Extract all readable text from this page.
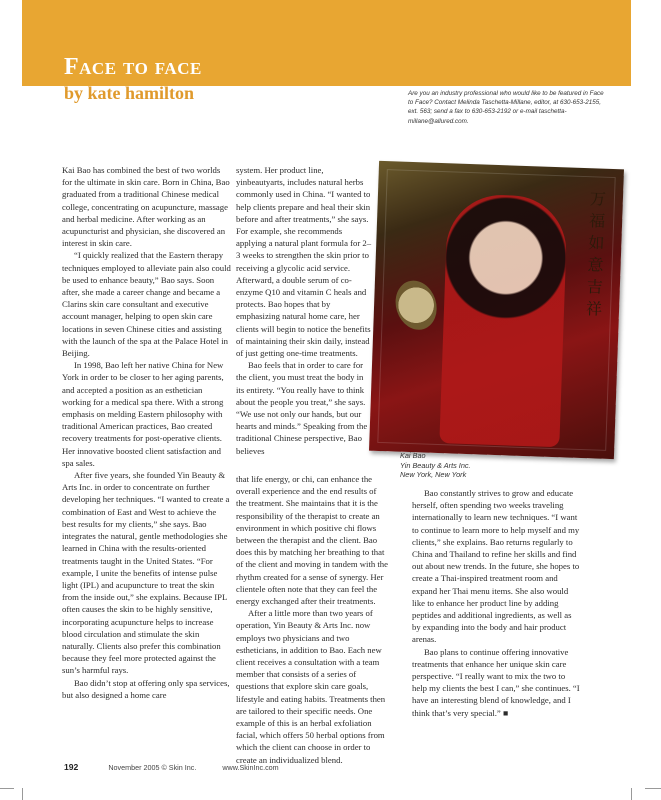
Face to face
by kate hamilton	Are you an industry professional who would like to be featured in Face to Face? Contact Melinda Taschetta-Millane, editor, at 630-653-2155, ext. 563; send a fax to 630-653-2192 or e-mail taschetta-millane@allured.com.

Kai Bao has combined the best of two worlds for the ultimate in skin care. Born in China, Bao graduated from a traditional Chinese medical college, concentrating on acupuncture, massage and herbal medicine. After working as an acupuncturist and physician, she discovered an interest in skin care.

“I quickly realized that the Eastern therapy techniques employed to alleviate pain also could be used to enhance beauty,” Bao says. Soon after, she made a career change and became a Clarins skin care consultant and executive account manager, helping to open skin care locations in seven Chinese cities and assisting with the launch of the spa at the Palace Hotel in Beijing.

In 1998, Bao left her native China for New York in order to be closer to her aging parents, and accepted a position as an esthetician working for a medical spa there. With a strong emphasis on melding Eastern philosophy with traditional American practices, Bao created recovery treatments for post-operative clients. Her innovative boosted client satisfaction and spa sales.

After five years, she founded Yin Beauty & Arts Inc. in order to concentrate on further developing her techniques. “I wanted to create a combination of East and West to achieve the best results for my clients,” she says. Bao integrates the natural, gentle methodologies she learned in China with the results-oriented treatments taught in the United States. “For example, I unite the benefits of intense pulse light (IPL) and acupuncture to treat the skin from the inside out,” she explains. Because IPL often causes the skin to be highly sensitive, incorporating acupuncture helps to increase blood circulation and stimulate the skin naturally. Clients also prefer this combination because they feel more protected against the sun’s harmful rays.

Bao didn’t stop at offering only spa services, but also designed a home care

system. Her product line, yinbeautyarts, includes natural herbs commonly used in China. “I wanted to help clients prepare and heal their skin before and after treatments,” she says. For example, she recommends applying a natural plant formula for 2–3 weeks to strengthen the skin prior to receiving a glycolic acid service. Afterward, a double serum of co-enzyme Q10 and vitamin C heals and protects. Bao hopes that by emphasizing natural home care, her clients will begin to notice the benefits of maintaining their skin daily, instead of just getting one-time treatments.

Bao feels that in order to care for the client, you must treat the body in its entirety. “You really have to think about the people you treat,” she says. “We use not only our hands, but our hearts and minds.” Speaking from the traditional Chinese perspective, Bao believes

万福如意吉祥

Kai Bao
Yin Beauty & Arts Inc.
New York, New York

that life energy, or chi, can enhance the overall experience and the end results of the treatment. She maintains that it is the responsibility of the therapist to create an environment in which positive chi flows between the therapist and the client. Bao does this by matching her breathing to that of the client and moving in tandem with the rhythm created for a sense of synergy. Her clientele often note that they can feel the energy exchanged after their treatments.

After a little more than two years of operation, Yin Beauty & Arts Inc. now employs two physicians and two estheticians, in addition to Bao. Each new client receives a consultation with a team member that consists of a series of questions that explore skin care goals, lifestyle and eating habits. Treatments then are tailored to their specific needs. One example of this is an herbal exfoliation facial, which offers 50 herbal options from which the client can choose in order to create an individualized blend.

Bao constantly strives to grow and educate herself, often spending two weeks traveling internationally to learn new techniques. “I want to continue to learn more to help myself and my clients,” she explains. Bao returns regularly to China and Thailand to refine her skills and find out about new trends. In the future, she hopes to create a Thai-inspired treatment room and expand her Thai menu items. She also would like to enhance her product line by adding peptides and additional ingredients, as well as by expanding into the body and hair product arenas.

Bao plans to continue offering innovative treatments that enhance her unique skin care perspective. “I really want to mix the two to help my clients the best I can,” she continues. “I have an interesting blend of knowledge, and I think that’s very special.” ■

192	November 2005 © Skin Inc.	www.SkinInc.com
